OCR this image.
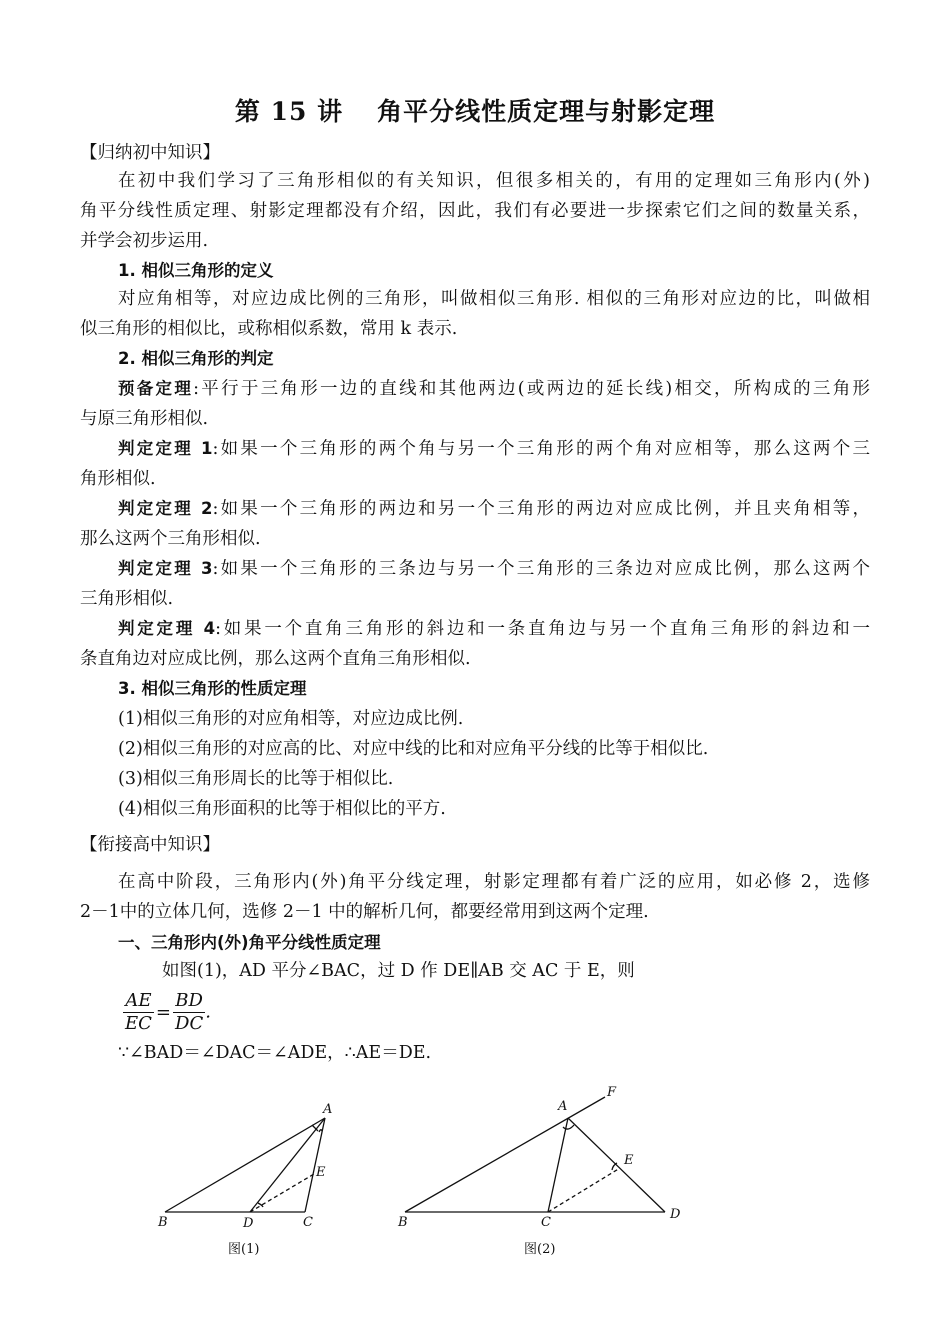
第 15 讲 角平分线性质定理与射影定理
【归纳初中知识】
在初中我们学习了三角形相似的有关知识，但很多相关的，有用的定理如三角形内(外)
角平分线性质定理、射影定理都没有介绍，因此，我们有必要进一步探索它们之间的数量关系，
并学会初步运用.
1. 相似三角形的定义
对应角相等，对应边成比例的三角形，叫做相似三角形. 相似的三角形对应边的比，叫做相
似三角形的相似比，或称相似系数，常用 k 表示.
2. 相似三角形的判定
预备定理:平行于三角形一边的直线和其他两边(或两边的延长线)相交，所构成的三角形
与原三角形相似.
判定定理 1:如果一个三角形的两个角与另一个三角形的两个角对应相等，那么这两个三
角形相似.
判定定理 2:如果一个三角形的两边和另一个三角形的两边对应成比例，并且夹角相等，
那么这两个三角形相似.
判定定理 3:如果一个三角形的三条边与另一个三角形的三条边对应成比例，那么这两个
三角形相似.
判定定理 4:如果一个直角三角形的斜边和一条直角边与另一个直角三角形的斜边和一
条直角边对应成比例，那么这两个直角三角形相似.
3. 相似三角形的性质定理
(1)相似三角形的对应角相等，对应边成比例.
(2)相似三角形的对应高的比、对应中线的比和对应角平分线的比等于相似比.
(3)相似三角形周长的比等于相似比.
(4)相似三角形面积的比等于相似比的平方.
【衔接高中知识】
在高中阶段，三角形内(外)角平分线定理，射影定理都有着广泛的应用，如必修 2，选修
2－1中的立体几何，选修 2－1 中的解析几何，都要经常用到这两个定理.
一、三角形内(外)角平分线性质定理
如图(1)，AD 平分∠BAC，过 D 作 DE∥AB 交 AC 于 E，则
$\frac{AE}{EC} = \frac{BD}{DC}$ .
∵∠BAD＝∠DAC＝∠ADE，∴AE＝DE.
B	D	C
A
E
B	C
D
A
E
F
图(1)	图(2)
